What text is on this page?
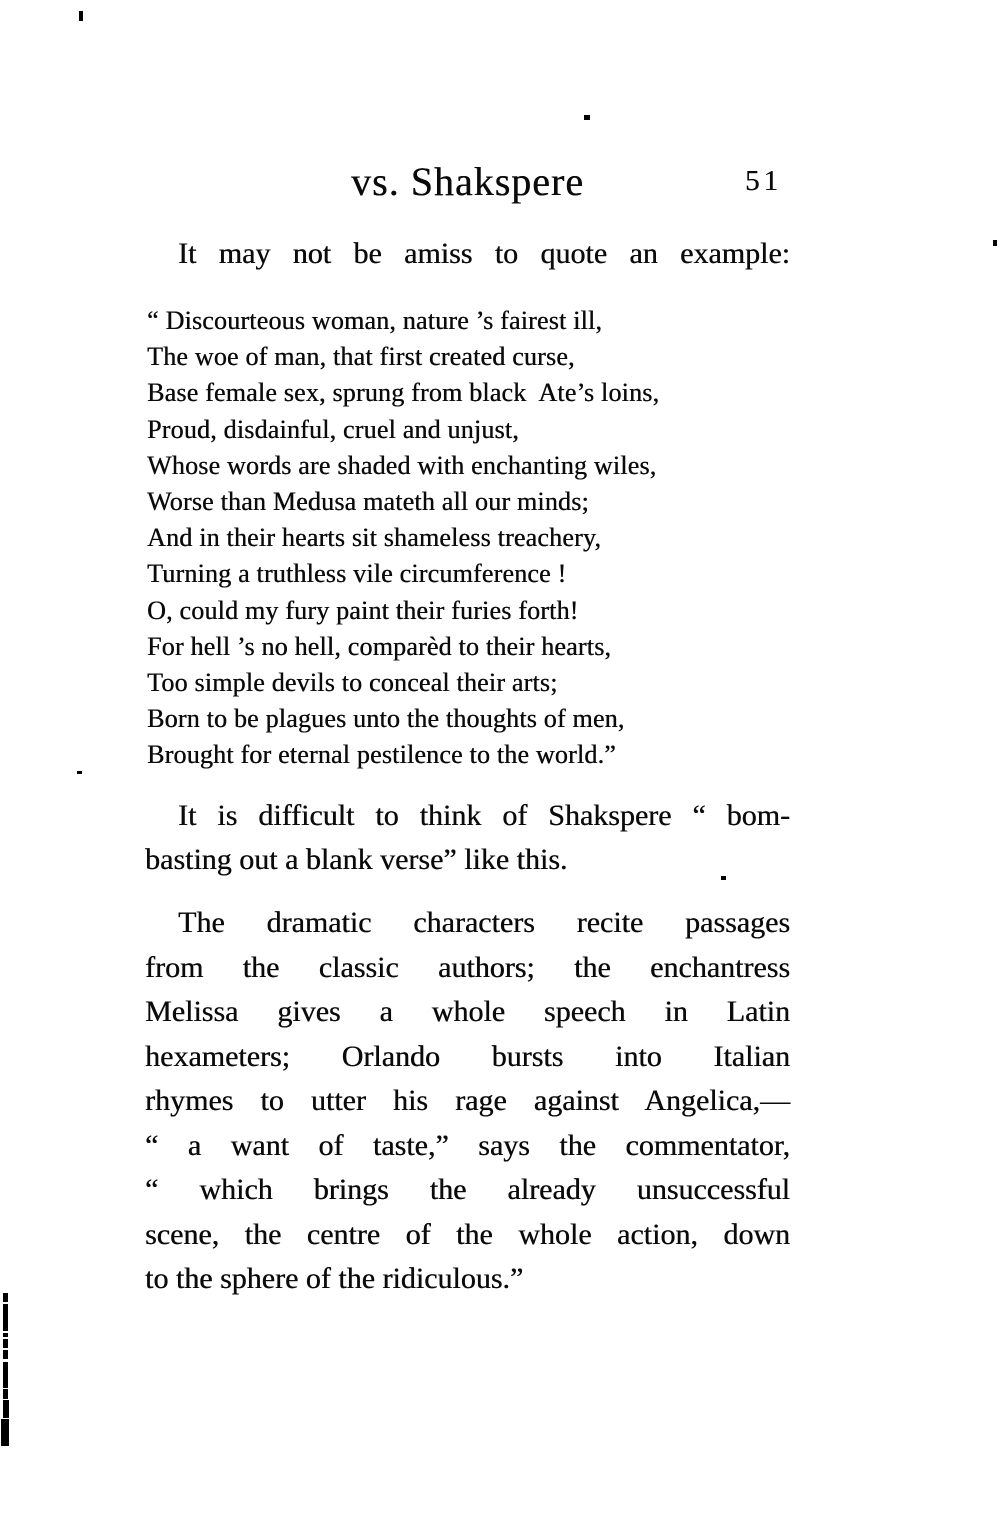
vs. Shakspere	51
It may not be amiss to quote an example:
“ Discourteous woman, nature ’s fairest ill,
The woe of man, that first created curse,
Base female sex, sprung from black  Ate’s loins,
Proud, disdainful, cruel and unjust,
Whose words are shaded with enchanting wiles,
Worse than Medusa mateth all our minds;
And in their hearts sit shameless treachery,
Turning a truthless vile circumference !
O, could my fury paint their furies forth!
For hell ’s no hell, comparèd to their hearts,
Too simple devils to conceal their arts;
Born to be plagues unto the thoughts of men,
Brought for eternal pestilence to the world.”
It is difficult to think of Shakspere “ bom-
basting out a blank verse” like this.
The dramatic characters recite passages
from the classic authors; the enchantress
Melissa gives a whole speech in Latin
hexameters; Orlando bursts into Italian
rhymes to utter his rage against Angelica,—
“ a want of taste,” says the commentator,
“ which brings the already unsuccessful
scene, the centre of the whole action, down
to the sphere of the ridiculous.”
